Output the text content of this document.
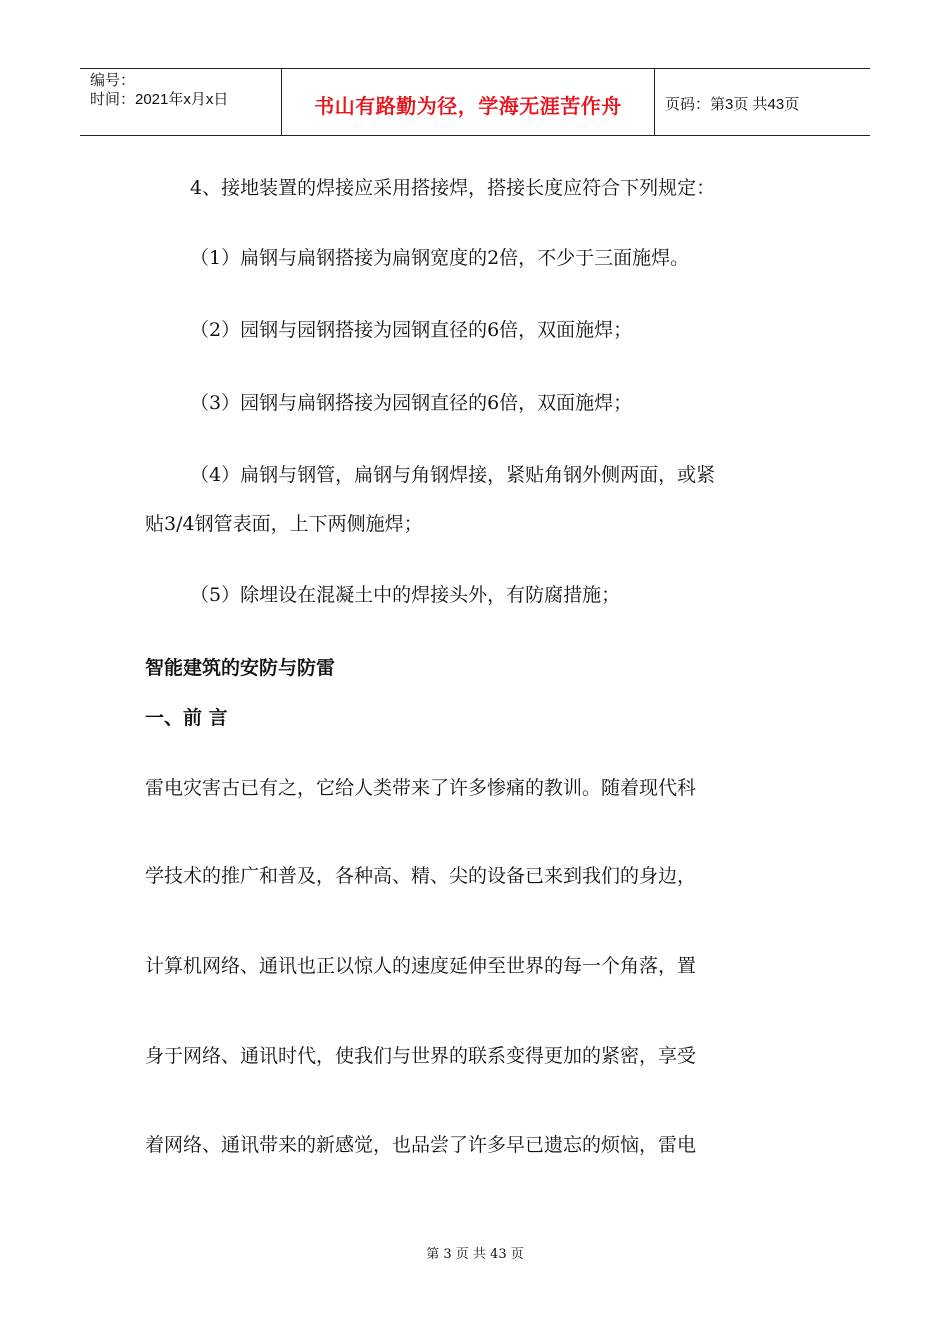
编号：
时间：2021年x月x日	书山有路勤为径，学海无涯苦作舟	页码：第3页 共43页

4、接地装置的焊接应采用搭接焊，搭接长度应符合下列规定：

（1）扁钢与扁钢搭接为扁钢宽度的2倍，不少于三面施焊。

（2）园钢与园钢搭接为园钢直径的6倍，双面施焊；

（3）园钢与扁钢搭接为园钢直径的6倍，双面施焊；

（4）扁钢与钢管，扁钢与角钢焊接，紧贴角钢外侧两面，或紧

贴3/4钢管表面，上下两侧施焊；

（5）除埋设在混凝土中的焊接头外，有防腐措施；

智能建筑的安防与防雷

一、前 言

雷电灾害古已有之，它给人类带来了许多惨痛的教训。随着现代科

学技术的推广和普及，各种高、精、尖的设备已来到我们的身边，

计算机网络、通讯也正以惊人的速度延伸至世界的每一个角落，置

身于网络、通讯时代，使我们与世界的联系变得更加的紧密，享受

着网络、通讯带来的新感觉，也品尝了许多早已遗忘的烦恼，雷电

第 3 页 共 43 页
